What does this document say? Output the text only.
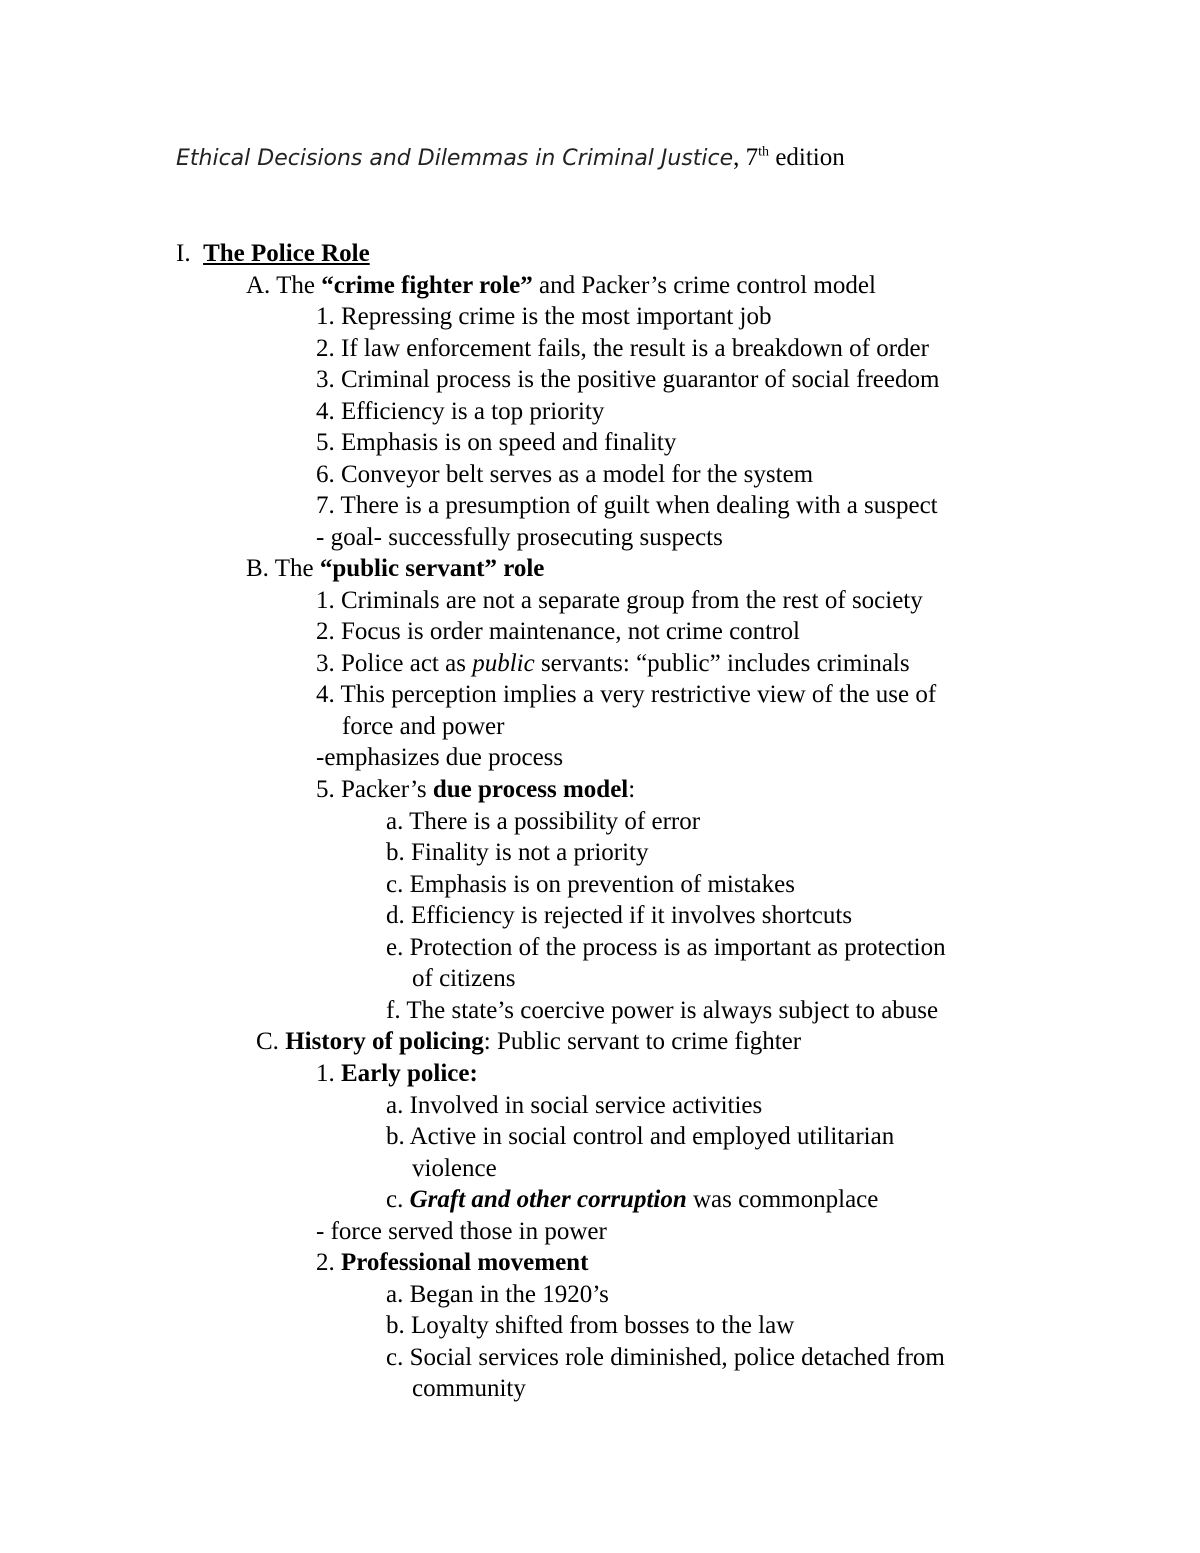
Ethical Decisions and Dilemmas in Criminal Justice, 7th edition
I. The Police Role
A. The “crime fighter role” and Packer’s crime control model
1. Repressing crime is the most important job
2. If law enforcement fails, the result is a breakdown of order
3. Criminal process is the positive guarantor of social freedom
4. Efficiency is a top priority
5. Emphasis is on speed and finality
6. Conveyor belt serves as a model for the system
7. There is a presumption of guilt when dealing with a suspect
- goal- successfully prosecuting suspects
B. The “public servant” role
1. Criminals are not a separate group from the rest of society
2. Focus is order maintenance, not crime control
3. Police act as public servants: “public” includes criminals
4. This perception implies a very restrictive view of the use of
force and power
-emphasizes due process
5. Packer’s due process model:
a. There is a possibility of error
b. Finality is not a priority
c. Emphasis is on prevention of mistakes
d. Efficiency is rejected if it involves shortcuts
e. Protection of the process is as important as protection
of citizens
f. The state’s coercive power is always subject to abuse
C. History of policing: Public servant to crime fighter
1. Early police:
a. Involved in social service activities
b. Active in social control and employed utilitarian
violence
c. Graft and other corruption was commonplace
- force served those in power
2. Professional movement
a. Began in the 1920’s
b. Loyalty shifted from bosses to the law
c. Social services role diminished, police detached from
community
